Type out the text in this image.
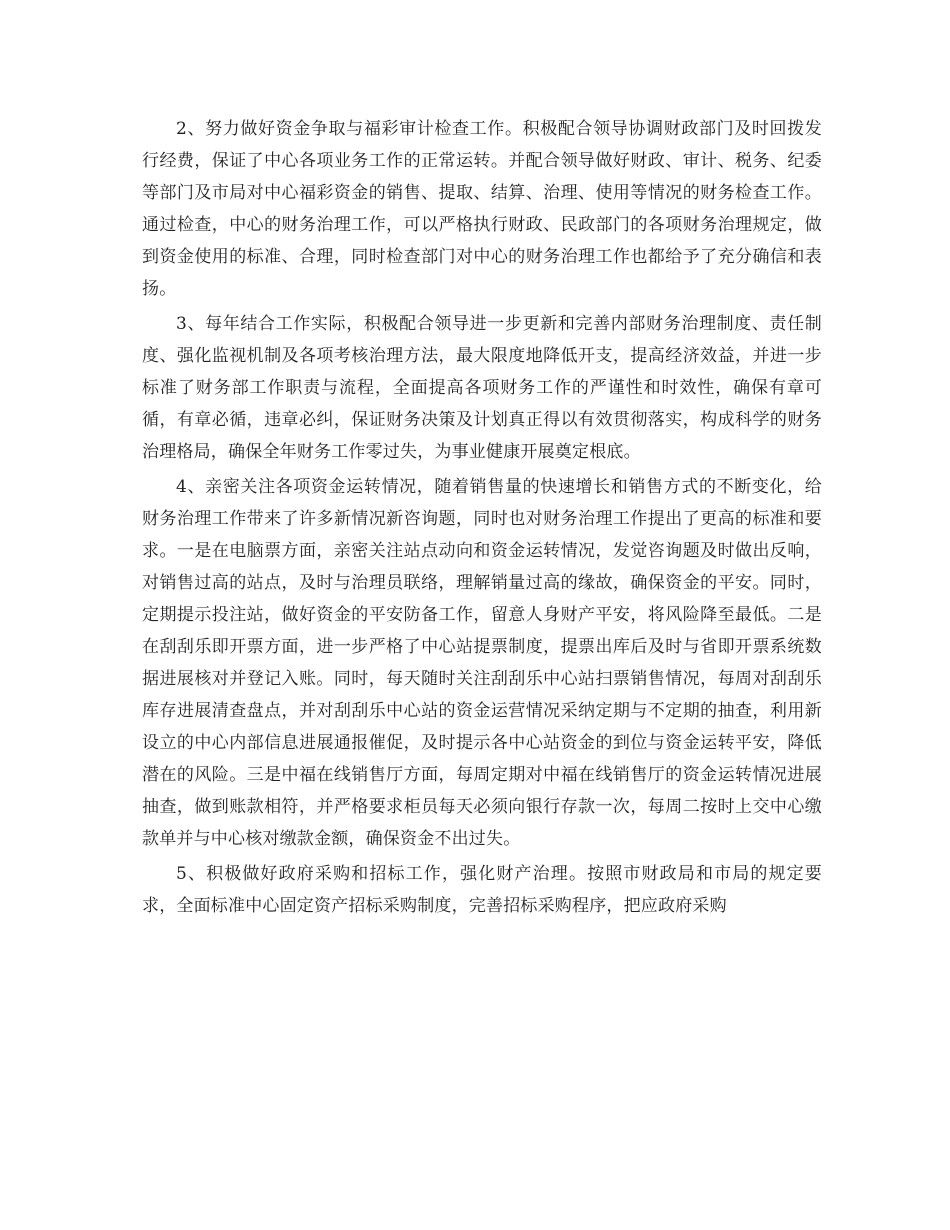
2、努力做好资金争取与福彩审计检查工作。积极配合领导协调财政部门及时回拨发行经费，保证了中心各项业务工作的正常运转。并配合领导做好财政、审计、税务、纪委等部门及市局对中心福彩资金的销售、提取、结算、治理、使用等情况的财务检查工作。通过检查，中心的财务治理工作，可以严格执行财政、民政部门的各项财务治理规定，做到资金使用的标准、合理，同时检查部门对中心的财务治理工作也都给予了充分确信和表扬。

3、每年结合工作实际，积极配合领导进一步更新和完善内部财务治理制度、责任制度、强化监视机制及各项考核治理方法，最大限度地降低开支，提高经济效益，并进一步标准了财务部工作职责与流程，全面提高各项财务工作的严谨性和时效性，确保有章可循，有章必循，违章必纠，保证财务决策及计划真正得以有效贯彻落实，构成科学的财务治理格局，确保全年财务工作零过失，为事业健康开展奠定根底。

4、亲密关注各项资金运转情况，随着销售量的快速增长和销售方式的不断变化，给财务治理工作带来了许多新情况新咨询题，同时也对财务治理工作提出了更高的标准和要求。一是在电脑票方面，亲密关注站点动向和资金运转情况，发觉咨询题及时做出反响，对销售过高的站点，及时与治理员联络，理解销量过高的缘故，确保资金的平安。同时，定期提示投注站，做好资金的平安防备工作，留意人身财产平安，将风险降至最低。二是在刮刮乐即开票方面，进一步严格了中心站提票制度，提票出库后及时与省即开票系统数据进展核对并登记入账。同时，每天随时关注刮刮乐中心站扫票销售情况，每周对刮刮乐库存进展清查盘点，并对刮刮乐中心站的资金运营情况采纳定期与不定期的抽查，利用新设立的中心内部信息进展通报催促，及时提示各中心站资金的到位与资金运转平安，降低潜在的风险。三是中福在线销售厅方面，每周定期对中福在线销售厅的资金运转情况进展抽查，做到账款相符，并严格要求柜员每天必须向银行存款一次，每周二按时上交中心缴款单并与中心核对缴款金额，确保资金不出过失。

5、积极做好政府采购和招标工作，强化财产治理。按照市财政局和市局的规定要求，全面标准中心固定资产招标采购制度，完善招标采购程序，把应政府采购
